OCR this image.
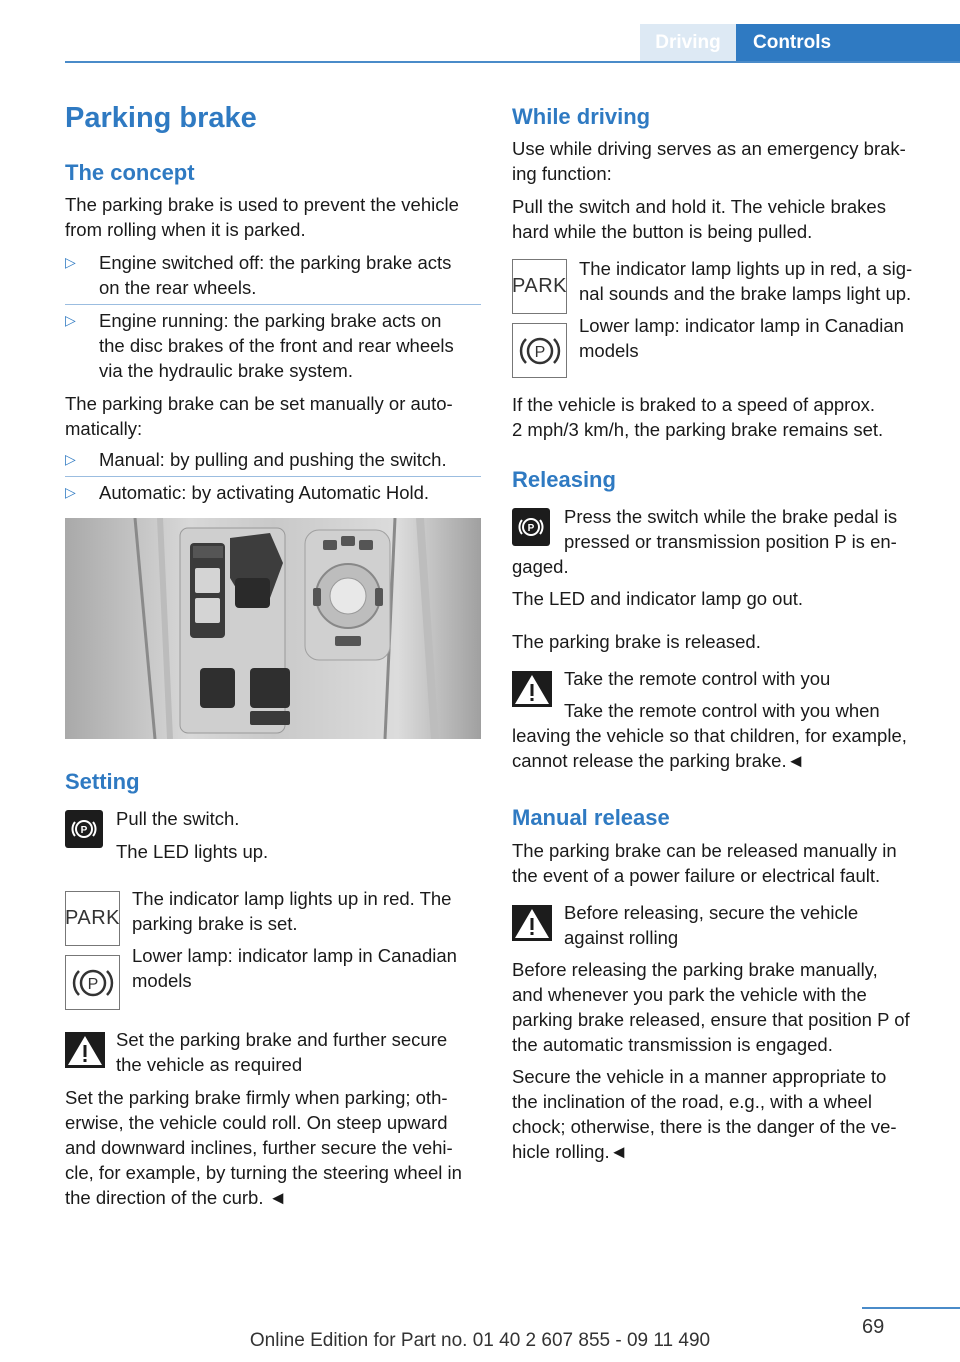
Driving	Controls
Parking brake
The concept
The parking brake is used to prevent the vehicle
from rolling when it is parked.
▷ Engine switched off: the parking brake acts
on the rear wheels.
▷ Engine running: the parking brake acts on
the disc brakes of the front and rear wheels
via the hydraulic brake system.
The parking brake can be set manually or auto-
matically:
▷ Manual: by pulling and pushing the switch.
▷ Automatic: by activating Automatic Hold.
Setting
P
Pull the switch.
The LED lights up.
PARK
The indicator lamp lights up in red. The
parking brake is set.
P
Lower lamp: indicator lamp in Canadian
models
Set the parking brake and further secure
the vehicle as required
Set the parking brake firmly when parking; oth-
erwise, the vehicle could roll. On steep upward
and downward inclines, further secure the vehi-
cle, for example, by turning the steering wheel in
the direction of the curb. ◄
While driving
Use while driving serves as an emergency brak-
ing function:
Pull the switch and hold it. The vehicle brakes
hard while the button is being pulled.
PARK
The indicator lamp lights up in red, a sig-
nal sounds and the brake lamps light up.
P
Lower lamp: indicator lamp in Canadian
models
If the vehicle is braked to a speed of approx.
2 mph/3 km/h, the parking brake remains set.
Releasing
P
Press the switch while the brake pedal is
pressed or transmission position P is en-
gaged.
The LED and indicator lamp go out.
The parking brake is released.
Take the remote control with you
Take the remote control with you when
leaving the vehicle so that children, for example,
cannot release the parking brake.◄
Manual release
The parking brake can be released manually in
the event of a power failure or electrical fault.
Before releasing, secure the vehicle
against rolling
Before releasing the parking brake manually,
and whenever you park the vehicle with the
parking brake released, ensure that position P of
the automatic transmission is engaged.
Secure the vehicle in a manner appropriate to
the inclination of the road, e.g., with a wheel
chock; otherwise, there is the danger of the ve-
hicle rolling.◄
69
Online Edition for Part no. 01 40 2 607 855 - 09 11 490
